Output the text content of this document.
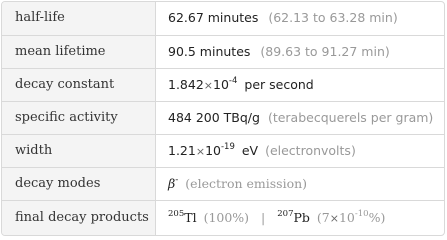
half-life	62.67 minutes (62.13 to 63.28 min)
mean lifetime	90.5 minutes (89.63 to 91.27 min)
decay constant	$1.842\times 10^{-4}$ per second
specific activity	484 200 TBq/g (terabecquerels per gram)
width	$1.21\times 10^{-19}$ eV (electronvolts)
decay modes	β- (electron emission)
final decay products	$^{205}$Tl (100%) | $^{207}$Pb $(7\times 10^{-10}\%)$
